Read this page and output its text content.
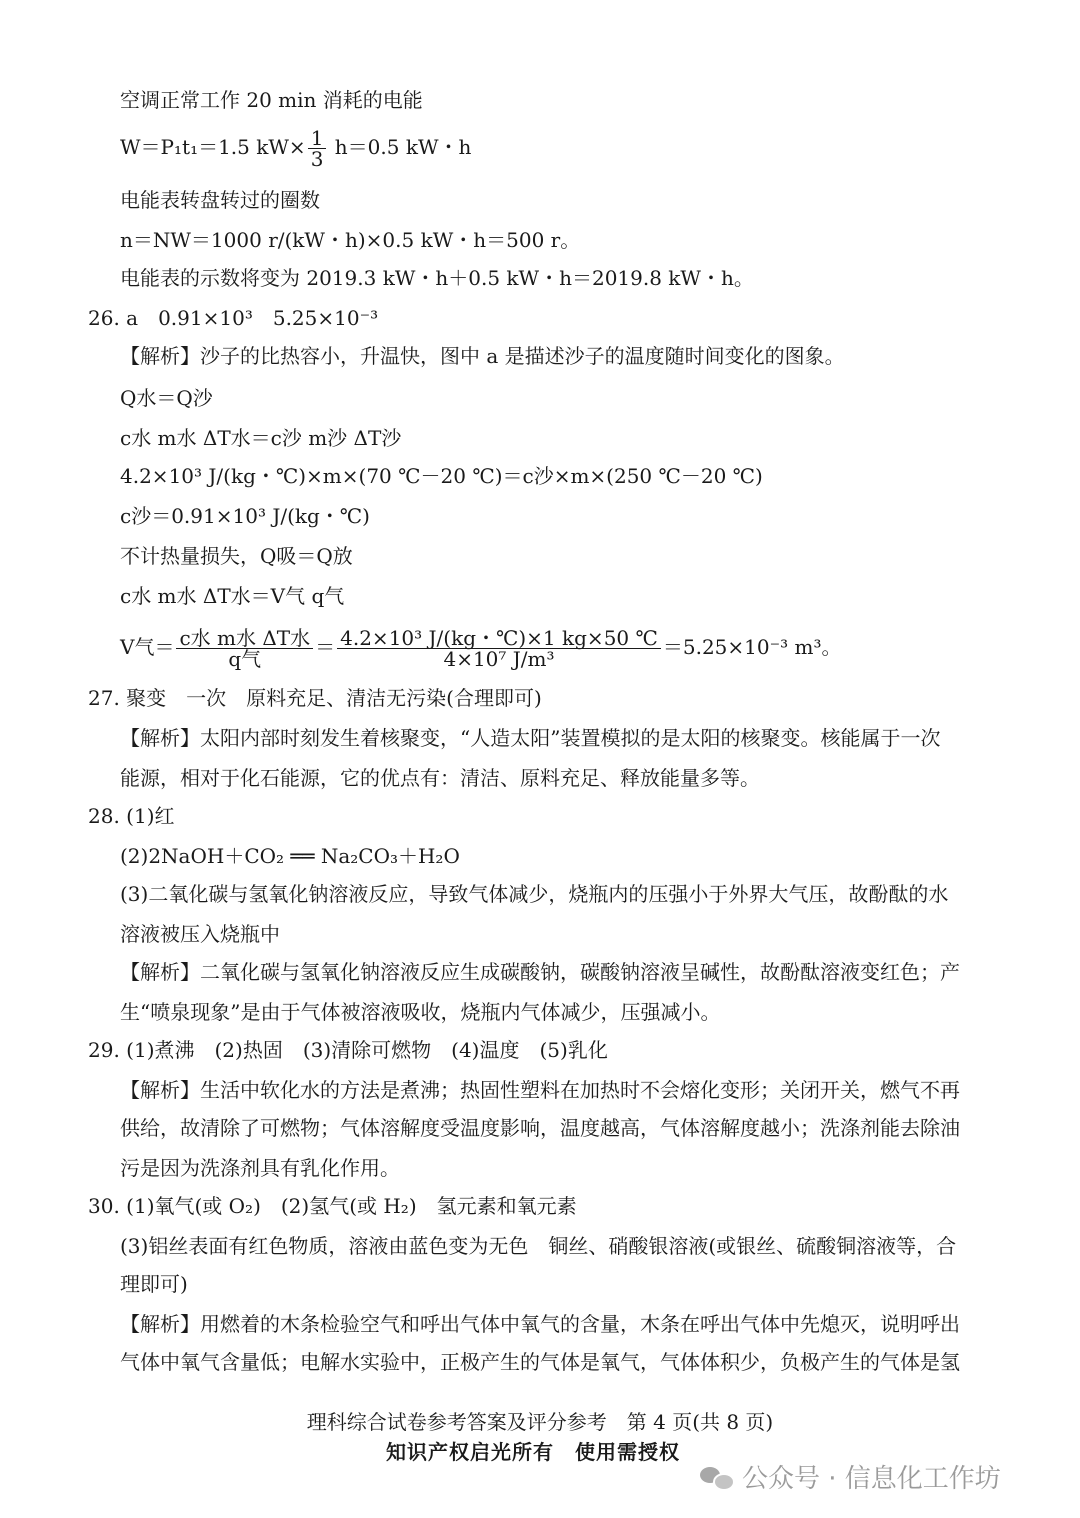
空调正常工作 20 min 消耗的电能
W＝P₁t₁＝1.5 $kW\times \frac{1}{3} h=0.5$ kW・h
电能表转盘转过的圈数
n＝NW＝1000 r/(kW・h)×0.5 kW・h＝500 r。
电能表的示数将变为 2019.3 kW・h＋0.5 kW・h＝2019.8 kW・h。
26. a　0.91×10³　5.25×10⁻³
【解析】沙子的比热容小，升温快，图中 a 是描述沙子的温度随时间变化的图象。
Q水＝Q沙
c水 m水 ΔT水＝c沙 m沙 ΔT沙
4.2×10³ J/(kg・℃)×m×(70 ℃－20 ℃)＝c沙×m×(250 ℃－20 ℃)
c沙＝0.91×10³ J/(kg・℃)
不计热量损失，Q吸＝Q放
c水 m水 ΔT水＝V气 q气
V气＝ $\frac{\text{c水 m水 ΔT水}}{\text{q气}} = \frac{\text{4.2×10³ J/(kg・℃)×1 kg×50 ℃}}{\text{4×10⁷ J/m³}} =5.25\times 10^{-3}$ m³。
27. 聚变　一次　原料充足、清洁无污染(合理即可)
【解析】太阳内部时刻发生着核聚变，“人造太阳”装置模拟的是太阳的核聚变。核能属于一次
能源，相对于化石能源，它的优点有：清洁、原料充足、释放能量多等。
28. (1)红
(2)2NaOH＋CO₂ ══ Na₂CO₃＋H₂O
(3)二氧化碳与氢氧化钠溶液反应，导致气体减少，烧瓶内的压强小于外界大气压，故酚酞的水
溶液被压入烧瓶中
【解析】二氧化碳与氢氧化钠溶液反应生成碳酸钠，碳酸钠溶液呈碱性，故酚酞溶液变红色；产
生“喷泉现象”是由于气体被溶液吸收，烧瓶内气体减少，压强减小。
29. (1)煮沸　(2)热固　(3)清除可燃物　(4)温度　(5)乳化
【解析】生活中软化水的方法是煮沸；热固性塑料在加热时不会熔化变形；关闭开关，燃气不再
供给，故清除了可燃物；气体溶解度受温度影响，温度越高，气体溶解度越小；洗涤剂能去除油
污是因为洗涤剂具有乳化作用。
30. (1)氧气(或 O₂)　(2)氢气(或 H₂)　氢元素和氧元素
(3)铝丝表面有红色物质，溶液由蓝色变为无色　铜丝、硝酸银溶液(或银丝、硫酸铜溶液等，合
理即可)
【解析】用燃着的木条检验空气和呼出气体中氧气的含量，木条在呼出气体中先熄灭，说明呼出
气体中氧气含量低；电解水实验中，正极产生的气体是氧气，气体体积少，负极产生的气体是氢
理科综合试卷参考答案及评分参考　第 4 页(共 8 页)
知识产权启光所有　使用需授权
公众号 · 信息化工作坊
